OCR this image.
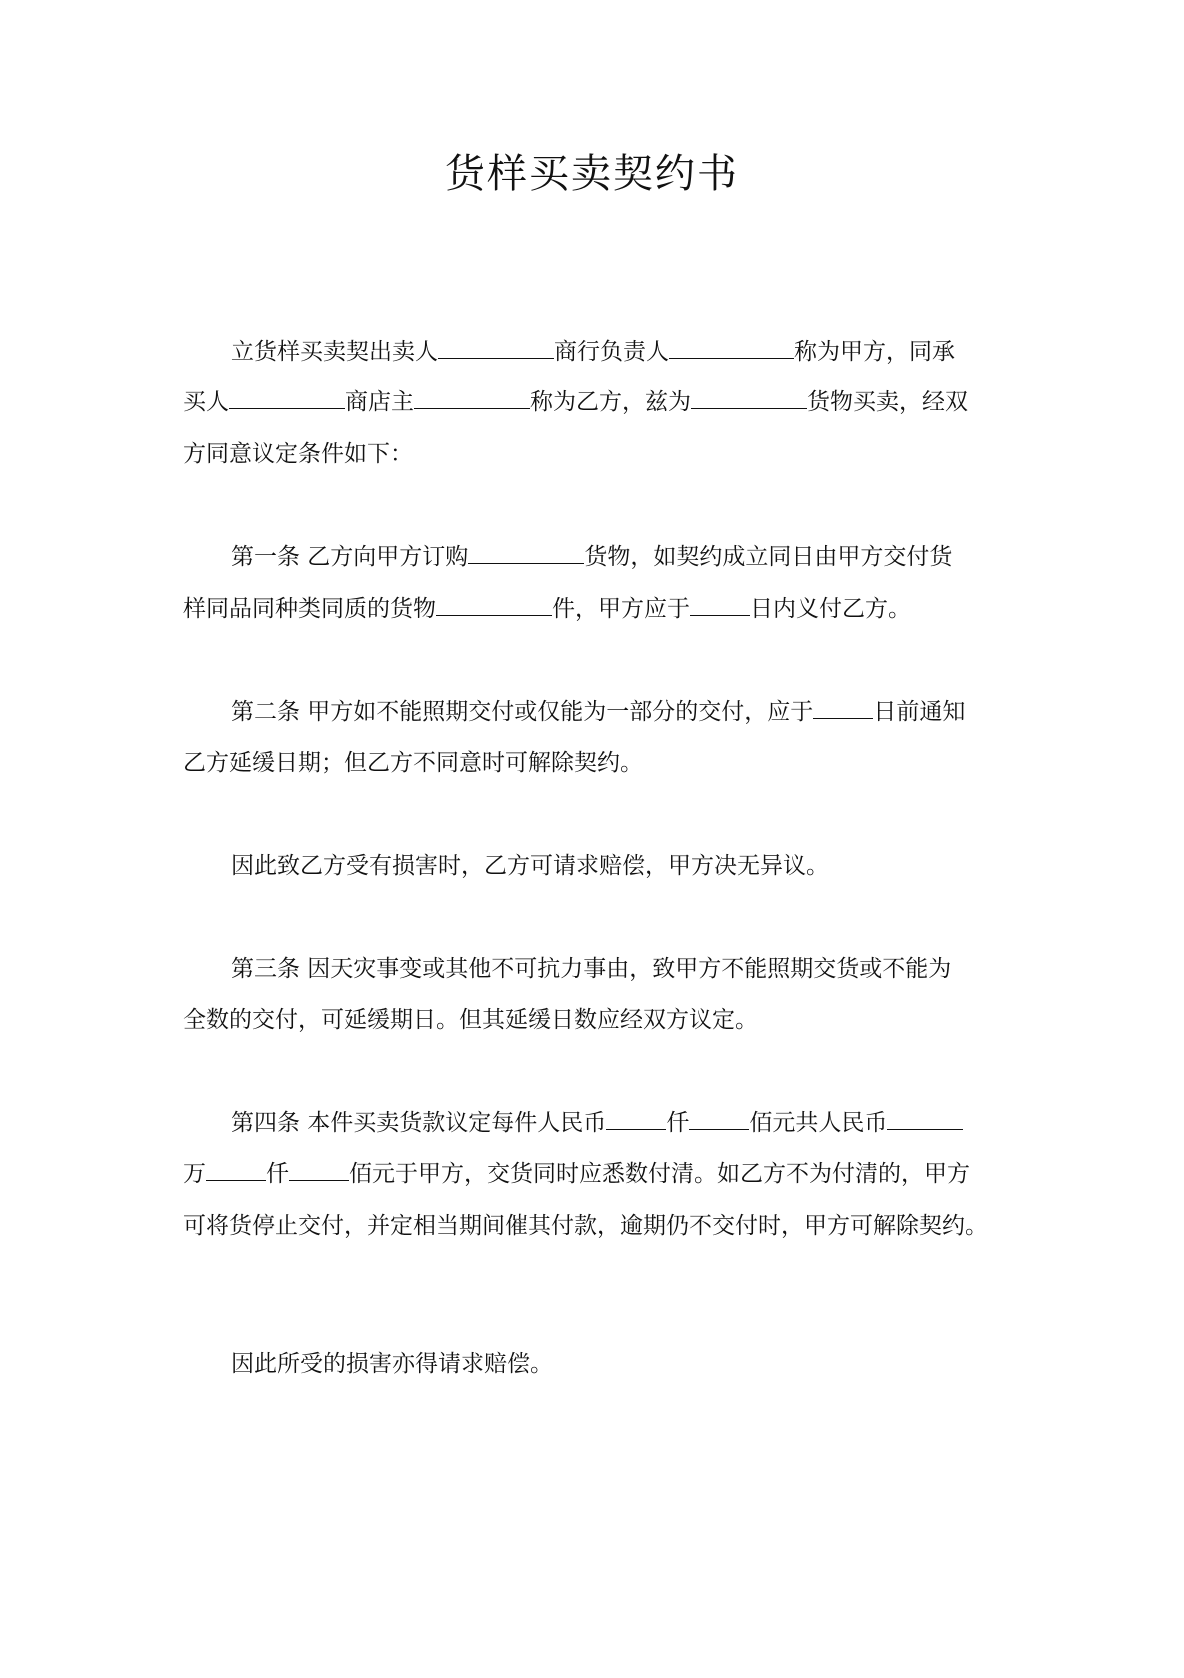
货样买卖契约书
立货样买卖契出卖人	商行负责人	称为甲方，同承
买人	商店主	称为乙方，兹为	货物买卖，经双
方同意议定条件如下：
第一条 乙方向甲方订购	货物，如契约成立同日由甲方交付货
样同品同种类同质的货物	件，甲方应于	日内义付乙方。
第二条 甲方如不能照期交付或仅能为一部分的交付，应于	日前通知
乙方延缓日期；但乙方不同意时可解除契约。
因此致乙方受有损害时，乙方可请求赔偿，甲方决无异议。
第三条 因天灾事变或其他不可抗力事由，致甲方不能照期交货或不能为
全数的交付，可延缓期日。但其延缓日数应经双方议定。
第四条 本件买卖货款议定每件人民币	仟	佰元共人民币
万	仟	佰元于甲方，交货同时应悉数付清。如乙方不为付清的，甲方
可将货停止交付，并定相当期间催其付款，逾期仍不交付时，甲方可解除契约。
因此所受的损害亦得请求赔偿。
